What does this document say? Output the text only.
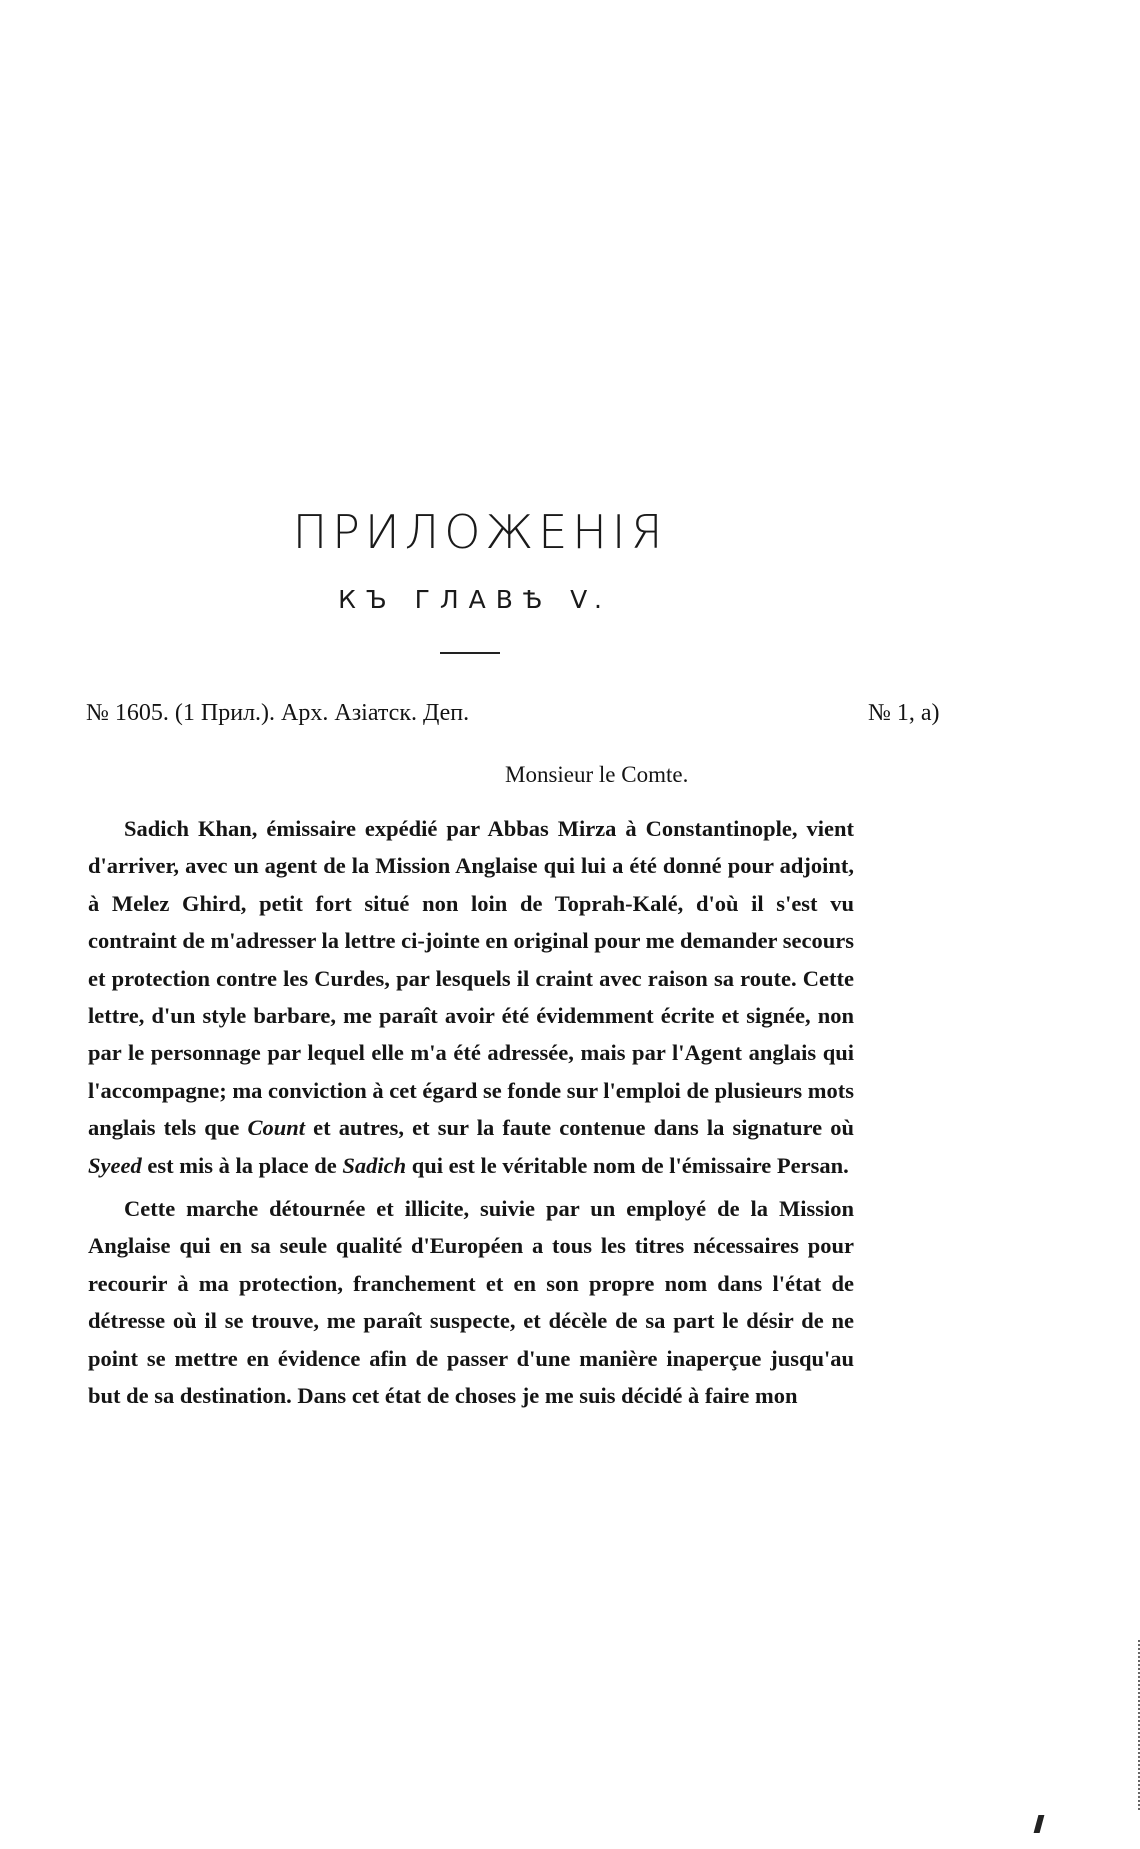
ПРИЛОЖЕНІЯ
КЪ ГЛАВѢ V.
№ 1605. (1 Прил.). Арх. Азіатск. Деп.	№ 1, a)
Monsieur le Comte.

Sadich Khan, émissaire expédié par Abbas Mirza à Constantinople, vient d'arriver, avec un agent de la Mission Anglaise qui lui a été donné pour adjoint, à Melez Ghird, petit fort situé non loin de Toprah-Kalé, d'où il s'est vu contraint de m'adresser la lettre ci-jointe en original pour me demander secours et protection contre les Curdes, par lesquels il craint avec raison sa route. Cette lettre, d'un style barbare, me paraît avoir été évidemment écrite et signée, non par le personnage par lequel elle m'a été adressée, mais par l'Agent anglais qui l'accompagne; ma conviction à cet égard se fonde sur l'emploi de plusieurs mots anglais tels que Count et autres, et sur la faute contenue dans la signature où Syeed est mis à la place de Sadich qui est le véritable nom de l'émissaire Persan.

Cette marche détournée et illicite, suivie par un employé de la Mission Anglaise qui en sa seule qualité d'Européen a tous les titres nécessaires pour recourir à ma protection, franchement et en son propre nom dans l'état de détresse où il se trouve, me paraît suspecte, et décèle de sa part le désir de ne point se mettre en évidence afin de passer d'une manière inaperçue jusqu'au but de sa destination. Dans cet état de choses je me suis décidé à faire mon
